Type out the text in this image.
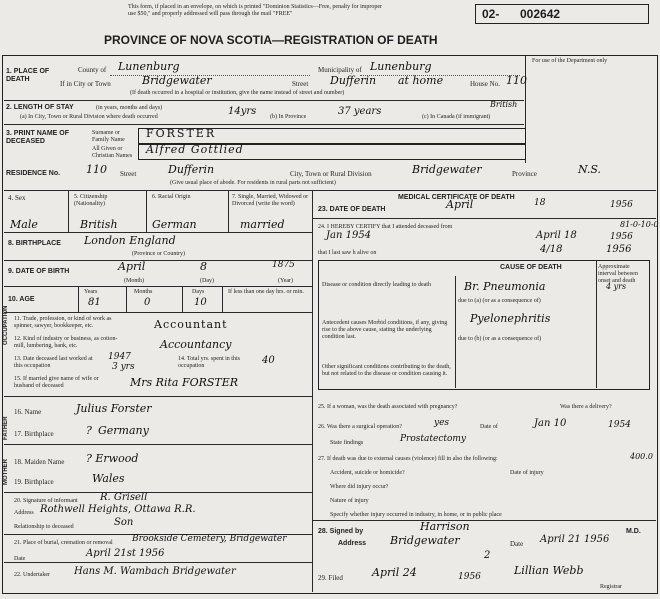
This form, if placed in an envelope, on which is printed "Dominion Statistics—Free, penalty for improper
use $50," and properly addressed will pass through the mail "FREE"	02- 002642
PROVINCE OF NOVA SCOTIA—REGISTRATION OF DEATH
For use of the Department only
1. PLACE OF DEATH
County of Lunenburg	Municipality of Lunenburg
If in City or Town	Bridgewater	Street Dufferin at home	House No. 110
(If death occurred in a hospital or institution, give the name instead of street and number)
2. LENGTH OF STAY	(in years, months and days)
(a) In City, Town or Rural Division where death occurred	14yrs (b) In Province	37 years	(c) In Canada (if immigrant)
British
3. PRINT NAME OF DECEASED
Surname or Family Name
All Given or Christian Names
FORSTER
Alfred Gottlied
RESIDENCE No. 110 Street	Dufferin	City, Town or Rural Division	Bridgewater	Province	N.S.
(Give usual place of abode. For residents in rural parts not sufficient)
4. Sex	5. Citizenship (Nationality)
6. Racial Origin	7. Single, Married, Widowed or Divorced (write the word)
Male	British	German	married
8. BIRTHPLACE London England
(Province or Country)
9. DATE OF BIRTH	April	8	1875
(Month)	(Day)	(Year)
10. AGE
Years	Months	Days	If less than one day hrs. or min.
81	0	10
OCCUPATION 11. Trade, profession, or kind of work as spinner, sawyer, bookkeeper, etc.	Accountant
12. Kind of industry or business, as cotton-mill, lumbering, bank, etc.	Accountancy
13. Date deceased last worked at this occupation
1947
3 yrs
14. Total yrs. spent in this occupation	40
15. If married give name of wife or husband of deceased	Mrs Rita FORSTER
FATHER
MOTHER
16. Name	Julius Forster
17. Birthplace	? Germany
18. Maiden Name ? Erwood
19. Birthplace	Wales
20. Signature of informant R. Grisell
Address Rothwell Heights, Ottawa R.R.
Relationship to deceased	Son
21. Place of burial, cremation or removal	Brookside Cemetery, Bridgewater
Date	April 21st 1956
22. Undertaker Hans M. Wambach Bridgewater
MEDICAL CERTIFICATE OF DEATH
23. DATE OF DEATH	April	18	1956
24. I HEREBY CERTIFY that I attended deceased from
Jan 1954	April 18	1956
that I last saw h alive on	4/18	1956
81-0-10-0
CAUSE OF DEATH	Approximate interval between onset and death
Disease or condition directly leading to death	Br. Pneumonia
due to (a) (or as a consequence of)
4 yrs
Antecedent causes Morbid conditions, if any, giving rise to the above cause, stating the underlying condition last.
Pyelonephritis
due to (b) (or as a consequence of)
Other significant conditions contributing to the death, but not related to the disease or condition causing it.
25. If a woman, was the death associated with pregnancy?	Was there a delivery?
26. Was there a surgical operation?	yes	Date of	Jan 10	1954
State findings	Prostatectomy
27. If death was due to external causes (violence) fill in also the following:	400.0
Accident, suicide or homicide?	Date of injury
Where did injury occur?
Nature of injury
Specify whether injury occurred in industry, in home, or in public place
28. Signed by	Harrison	M.D.
Address Bridgewater	Date April 21 1956
2
29. Filed	April 24	1956	Lillian Webb
Registrar
